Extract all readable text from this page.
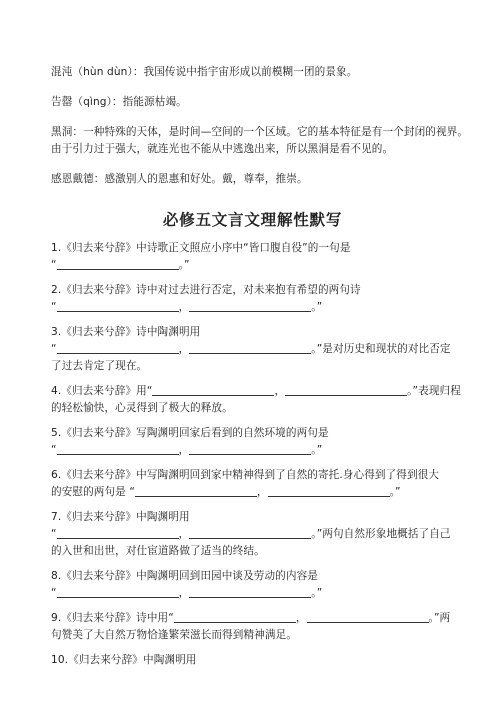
混沌（hùn dùn）：我国传说中指宇宙形成以前模糊一团的景象。
告罄（qìng）：指能源枯竭。
黑洞：一种特殊的天体，是时间—空间的一个区域。它的基本特征是有一个封闭的视界。
由于引力过于强大，就连光也不能从中逃逸出来，所以黑洞是看不见的。
感恩戴德：感激别人的恩惠和好处。戴，尊奉，推崇。
必修五文言文理解性默写
1.《归去来兮辞》中诗歌正文照应小序中“皆口腹自役”的一句是
“	。”
2.《归去来兮辞》诗中对过去进行否定，对未来抱有希望的两句诗
“	，	。”
3.《归去来兮辞》诗中陶渊明用
“	，	。”是对历史和现状的对比否定
了过去肯定了现在。
4.《归去来兮辞》用“	，	。”表现归程
的轻松愉快，心灵得到了极大的释放。
5.《归去来兮辞》写陶渊明回家后看到的自然环境的两句是
“	，	。”
6.《归去来兮辞》中写陶渊明回到家中精神得到了自然的寄托.身心得到了得到很大
的安慰的两句是 “	，	。”
7.《归去来兮辞》中陶渊明用
“	，	。”两句自然形象地概括了自己
的入世和出世，对仕宦道路做了适当的终结。
8.《归去来兮辞》中陶渊明回到田园中谈及劳动的内容是
“	，	。”
9.《归去来兮辞》诗中用“	，	。”两
句赞美了大自然万物恰逢繁荣滋长而得到精神满足。
10.《归去来兮辞》中陶渊明用
